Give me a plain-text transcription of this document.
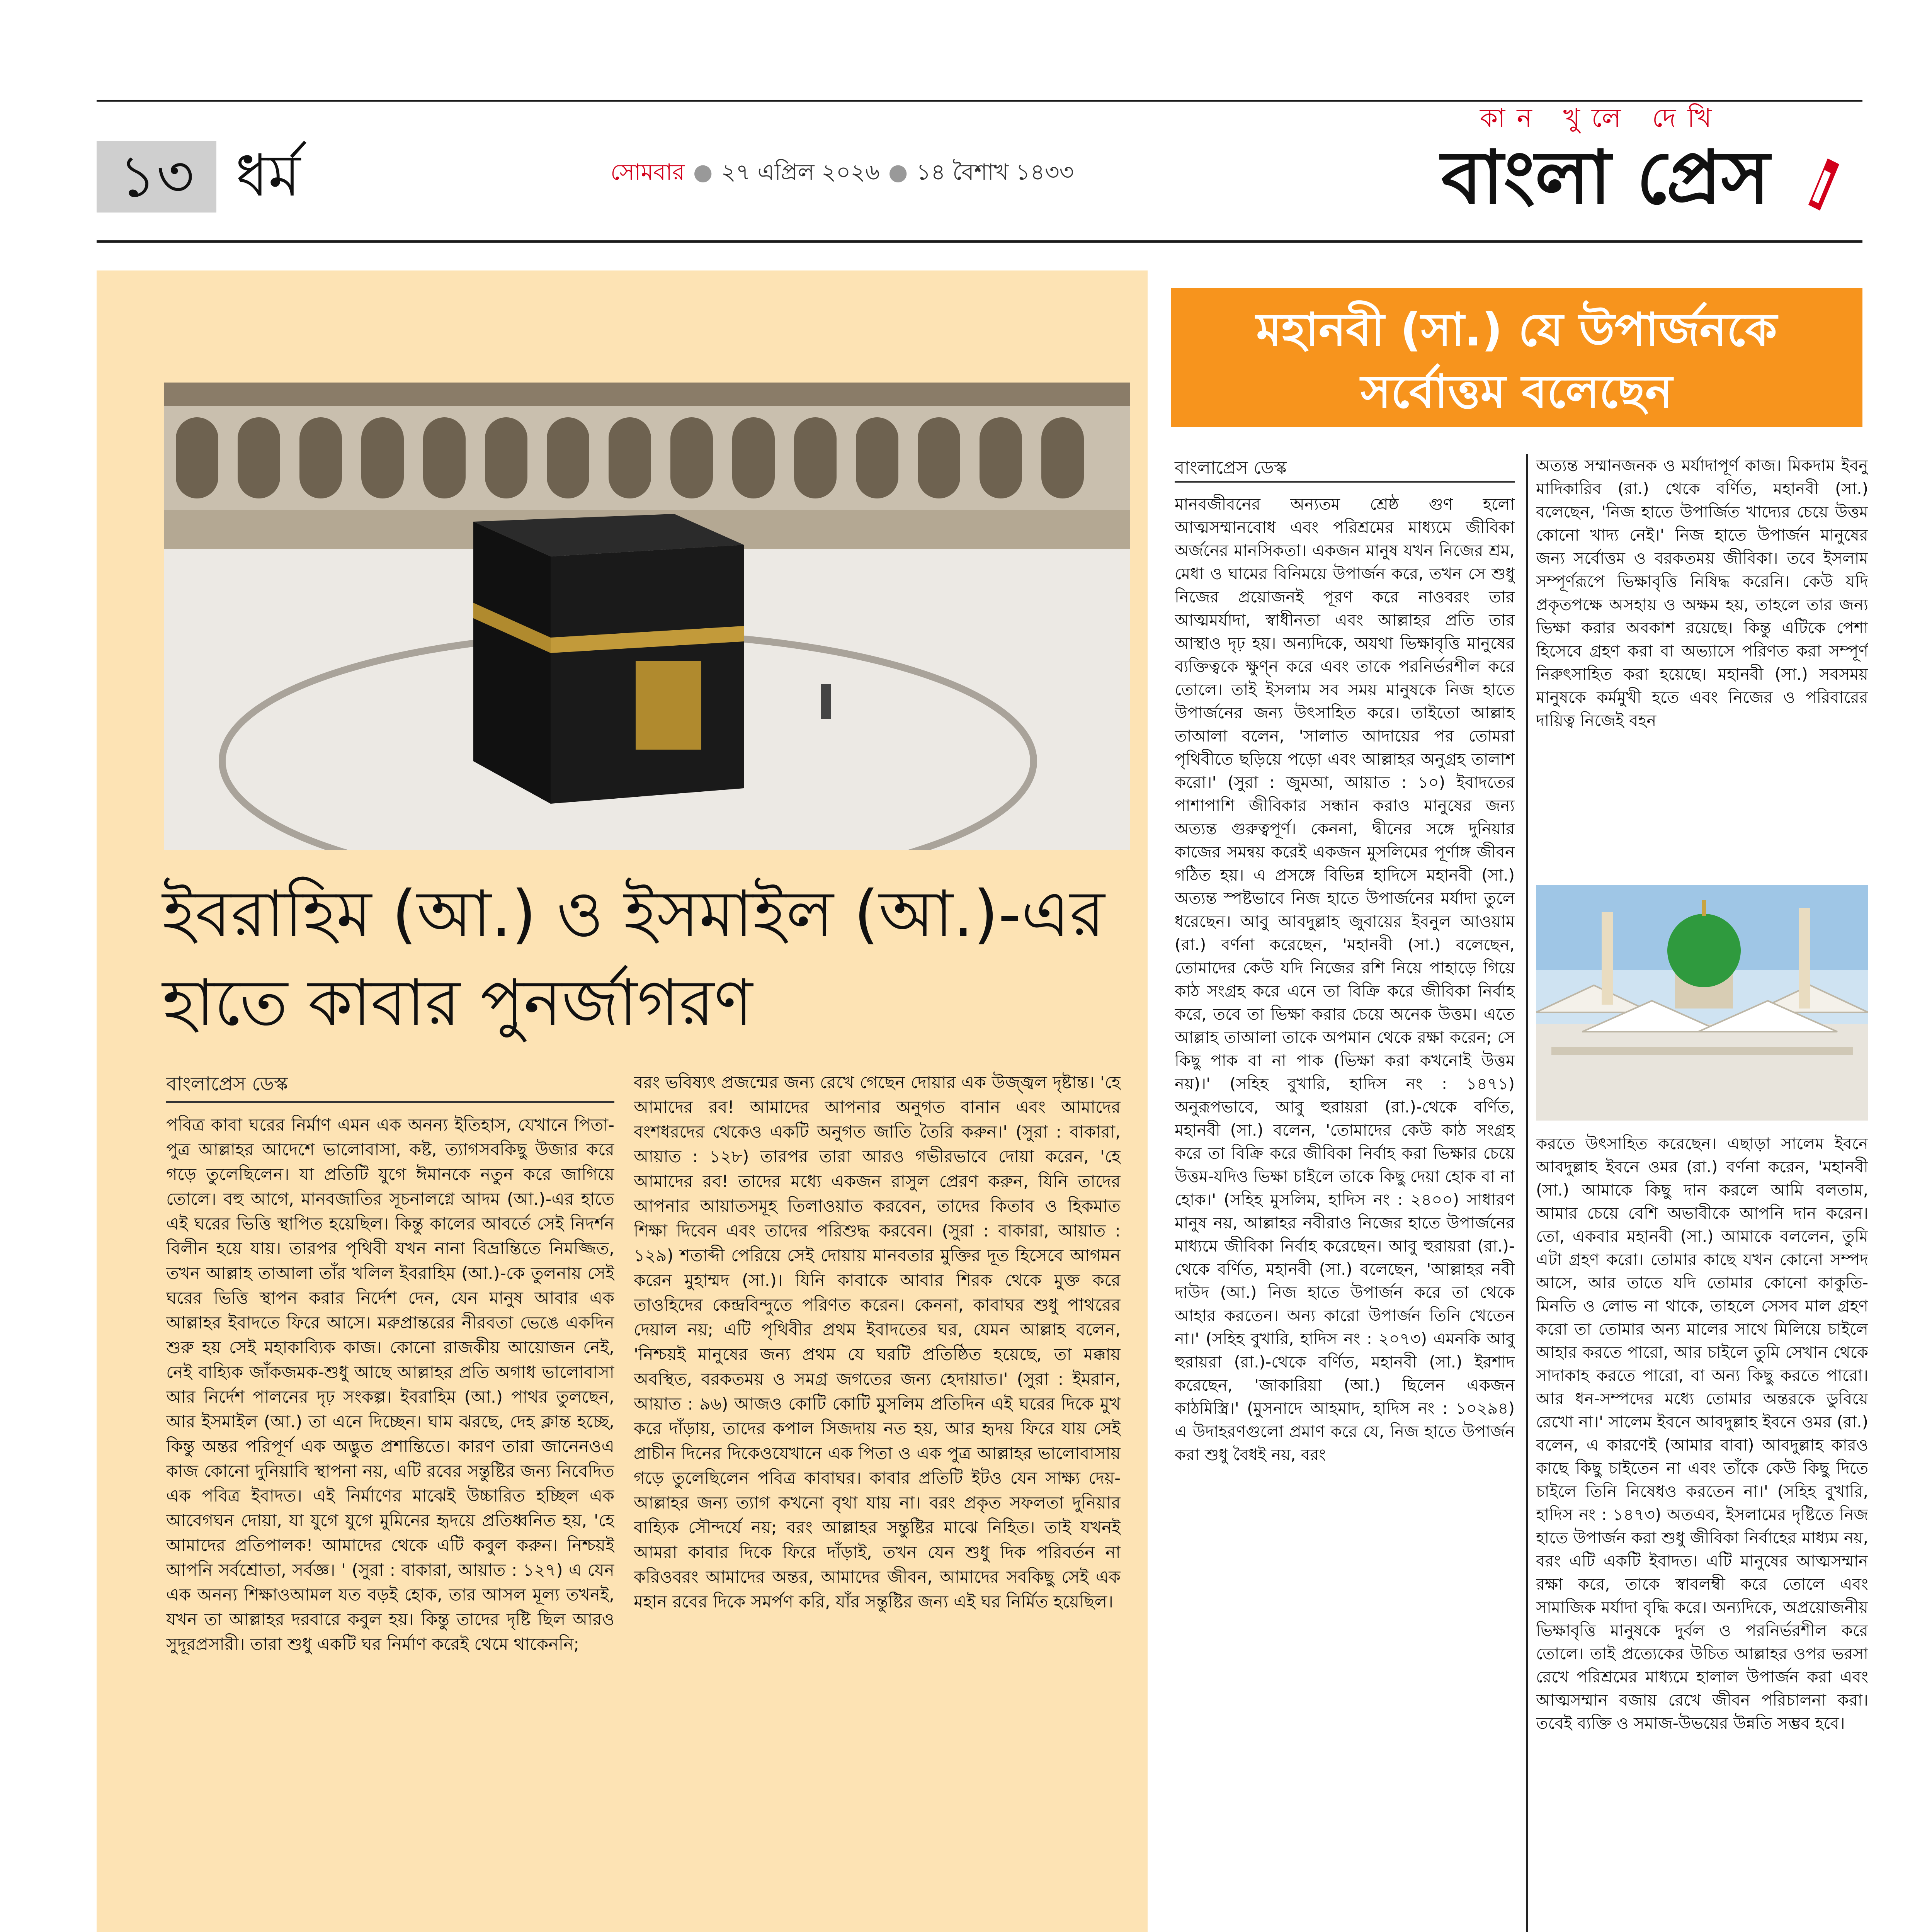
১৩ ধর্ম	সোমবার ● ২৭ এপ্রিল ২০২৬ ● ১৪ বৈশাখ ১৪৩৩
কান খুলে দেখি
বাংলা প্রেস
ইবরাহিম (আ.) ও ইসমাইল (আ.)-এর হাতে কাবার পুনর্জাগরণ
বাংলাপ্রেস ডেস্ক
পবিত্র কাবা ঘরের নির্মাণ এমন এক অনন্য ইতিহাস, যেখানে পিতা-পুত্র আল্লাহর আদেশে ভালোবাসা, কষ্ট, ত্যাগসবকিছু উজার করে গড়ে তুলেছিলেন। যা প্রতিটি যুগে ঈমানকে নতুন করে জাগিয়ে তোলে। বহু আগে, মানবজাতির সূচনালগ্নে আদম (আ.)-এর হাতে এই ঘরের ভিত্তি স্থাপিত হয়েছিল। কিন্তু কালের আবর্তে সেই নিদর্শন বিলীন হয়ে যায়। তারপর পৃথিবী যখন নানা বিভ্রান্তিতে নিমজ্জিত, তখন আল্লাহ তাআলা তাঁর খলিল ইবরাহিম (আ.)-কে তুলনায় সেই ঘরের ভিত্তি স্থাপন করার নির্দেশ দেন, যেন মানুষ আবার এক আল্লাহর ইবাদতে ফিরে আসে। মরুপ্রান্তরের নীরবতা ভেঙে একদিন শুরু হয় সেই মহাকাব্যিক কাজ। কোনো রাজকীয় আয়োজন নেই, নেই বাহ্যিক জাঁকজমক-শুধু আছে আল্লাহর প্রতি অগাধ ভালোবাসা আর নির্দেশ পালনের দৃঢ় সংকল্প। ইবরাহিম (আ.) পাথর তুলছেন, আর ইসমাইল (আ.) তা এনে দিচ্ছেন। ঘাম ঝরছে, দেহ ক্লান্ত হচ্ছে, কিন্তু অন্তর পরিপূর্ণ এক অদ্ভুত প্রশান্তিতে। কারণ তারা জানেনওএ কাজ কোনো দুনিয়াবি স্থাপনা নয়, এটি রবের সন্তুষ্টির জন্য নিবেদিত এক পবিত্র ইবাদত। এই নির্মাণের মাঝেই উচ্চারিত হচ্ছিল এক আবেগঘন দোয়া, যা যুগে যুগে মুমিনের হৃদয়ে প্রতিধ্বনিত হয়, 'হে আমাদের প্রতিপালক! আমাদের থেকে এটি কবুল করুন। নিশ্চয়ই আপনি সর্বশ্রোতা, সর্বজ্ঞ। ' (সুরা : বাকারা, আয়াত : ১২৭) এ যেন এক অনন্য শিক্ষাওআমল যত বড়ই হোক, তার আসল মূল্য তখনই, যখন তা আল্লাহর দরবারে কবুল হয়। কিন্তু তাদের দৃষ্টি ছিল আরও সুদূরপ্রসারী। তারা শুধু একটি ঘর নির্মাণ করেই থেমে থাকেননি;
বরং ভবিষ্যৎ প্রজন্মের জন্য রেখে গেছেন দোয়ার এক উজ্জ্বল দৃষ্টান্ত। 'হে আমাদের রব! আমাদের আপনার অনুগত বানান এবং আমাদের বংশধরদের থেকেও একটি অনুগত জাতি তৈরি করুন।' (সুরা : বাকারা, আয়াত : ১২৮) তারপর তারা আরও গভীরভাবে দোয়া করেন, 'হে আমাদের রব! তাদের মধ্যে একজন রাসুল প্রেরণ করুন, যিনি তাদের আপনার আয়াতসমূহ তিলাওয়াত করবেন, তাদের কিতাব ও হিকমাত শিক্ষা দিবেন এবং তাদের পরিশুদ্ধ করবেন। (সুরা : বাকারা, আয়াত : ১২৯) শতাব্দী পেরিয়ে সেই দোয়ায় মানবতার মুক্তির দূত হিসেবে আগমন করেন মুহাম্মদ (সা.)। যিনি কাবাকে আবার শিরক থেকে মুক্ত করে তাওহিদের কেন্দ্রবিন্দুতে পরিণত করেন। কেননা, কাবাঘর শুধু পাথরের দেয়াল নয়; এটি পৃথিবীর প্রথম ইবাদতের ঘর, যেমন আল্লাহ বলেন, 'নিশ্চয়ই মানুষের জন্য প্রথম যে ঘরটি প্রতিষ্ঠিত হয়েছে, তা মক্কায় অবস্থিত, বরকতময় ও সমগ্র জগতের জন্য হেদায়াত।' (সুরা : ইমরান, আয়াত : ৯৬) আজও কোটি কোটি মুসলিম প্রতিদিন এই ঘরের দিকে মুখ করে দাঁড়ায়, তাদের কপাল সিজদায় নত হয়, আর হৃদয় ফিরে যায় সেই প্রাচীন দিনের দিকেওযেখানে এক পিতা ও এক পুত্র আল্লাহর ভালোবাসায় গড়ে তুলেছিলেন পবিত্র কাবাঘর। কাবার প্রতিটি ইটও যেন সাক্ষ্য দেয়-আল্লাহর জন্য ত্যাগ কখনো বৃথা যায় না। বরং প্রকৃত সফলতা দুনিয়ার বাহ্যিক সৌন্দর্যে নয়; বরং আল্লাহর সন্তুষ্টির মাঝে নিহিত। তাই যখনই আমরা কাবার দিকে ফিরে দাঁড়াই, তখন যেন শুধু দিক পরিবর্তন না করিওবরং আমাদের অন্তর, আমাদের জীবন, আমাদের সবকিছু সেই এক মহান রবের দিকে সমর্পণ করি, যাঁর সন্তুষ্টির জন্য এই ঘর নির্মিত হয়েছিল।
মহানবী (সা.) যে উপার্জনকে
সর্বোত্তম বলেছেন
বাংলাপ্রেস ডেস্ক
মানবজীবনের অন্যতম শ্রেষ্ঠ গুণ হলো আত্মসম্মানবোধ এবং পরিশ্রমের মাধ্যমে জীবিকা অর্জনের মানসিকতা। একজন মানুষ যখন নিজের শ্রম, মেধা ও ঘামের বিনিময়ে উপার্জন করে, তখন সে শুধু নিজের প্রয়োজনই পূরণ করে নাওবরং তার আত্মমর্যাদা, স্বাধীনতা এবং আল্লাহর প্রতি তার আস্থাও দৃঢ় হয়। অন্যদিকে, অযথা ভিক্ষাবৃত্তি মানুষের ব্যক্তিত্বকে ক্ষুণ্ন করে এবং তাকে পরনির্ভরশীল করে তোলে। তাই ইসলাম সব সময় মানুষকে নিজ হাতে উপার্জনের জন্য উৎসাহিত করে। তাইতো আল্লাহ তাআলা বলেন, 'সালাত আদায়ের পর তোমরা পৃথিবীতে ছড়িয়ে পড়ো এবং আল্লাহর অনুগ্রহ তালাশ করো।' (সুরা : জুমআ, আয়াত : ১০) ইবাদতের পাশাপাশি জীবিকার সন্ধান করাও মানুষের জন্য অত্যন্ত গুরুত্বপূর্ণ। কেননা, দ্বীনের সঙ্গে দুনিয়ার কাজের সমন্বয় করেই একজন মুসলিমের পূর্ণাঙ্গ জীবন গঠিত হয়। এ প্রসঙ্গে বিভিন্ন হাদিসে মহানবী (সা.) অত্যন্ত স্পষ্টভাবে নিজ হাতে উপার্জনের মর্যাদা তুলে ধরেছেন। আবু আবদুল্লাহ জুবায়ের ইবনুল আওয়াম (রা.) বর্ণনা করেছেন, 'মহানবী (সা.) বলেছেন, তোমাদের কেউ যদি নিজের রশি নিয়ে পাহাড়ে গিয়ে কাঠ সংগ্রহ করে এনে তা বিক্রি করে জীবিকা নির্বাহ করে, তবে তা ভিক্ষা করার চেয়ে অনেক উত্তম। এতে আল্লাহ তাআলা তাকে অপমান থেকে রক্ষা করেন; সে কিছু পাক বা না পাক (ভিক্ষা করা কখনোই উত্তম নয়)।' (সহিহ বুখারি, হাদিস নং : ১৪৭১) অনুরূপভাবে, আবু হুরায়রা (রা.)-থেকে বর্ণিত, মহানবী (সা.) বলেন, 'তোমাদের কেউ কাঠ সংগ্রহ করে তা বিক্রি করে জীবিকা নির্বাহ করা ভিক্ষার চেয়ে উত্তম-যদিও ভিক্ষা চাইলে তাকে কিছু দেয়া হোক বা না হোক।' (সহিহ মুসলিম, হাদিস নং : ২৪০০) সাধারণ মানুষ নয়, আল্লাহর নবীরাও নিজের হাতে উপার্জনের মাধ্যমে জীবিকা নির্বাহ করেছেন। আবু হুরায়রা (রা.)-থেকে বর্ণিত, মহানবী (সা.) বলেছেন, 'আল্লাহর নবী দাউদ (আ.) নিজ হাতে উপার্জন করে তা থেকে আহার করতেন। অন্য কারো উপার্জন তিনি খেতেন না।' (সহিহ বুখারি, হাদিস নং : ২০৭৩) এমনকি আবু হুরায়রা (রা.)-থেকে বর্ণিত, মহানবী (সা.) ইরশাদ করেছেন, 'জাকারিয়া (আ.) ছিলেন একজন কাঠমিস্ত্রি।' (মুসনাদে আহমাদ, হাদিস নং : ১০২৯৪) এ উদাহরণগুলো প্রমাণ করে যে, নিজ হাতে উপার্জন করা শুধু বৈধই নয়, বরং
অত্যন্ত সম্মানজনক ও মর্যাদাপূর্ণ কাজ। মিকদাম ইবনু মাদিকারিব (রা.) থেকে বর্ণিত, মহানবী (সা.) বলেছেন, 'নিজ হাতে উপার্জিত খাদ্যের চেয়ে উত্তম কোনো খাদ্য নেই।' নিজ হাতে উপার্জন মানুষের জন্য সর্বোত্তম ও বরকতময় জীবিকা। তবে ইসলাম সম্পূর্ণরূপে ভিক্ষাবৃত্তি নিষিদ্ধ করেনি। কেউ যদি প্রকৃতপক্ষে অসহায় ও অক্ষম হয়, তাহলে তার জন্য ভিক্ষা করার অবকাশ রয়েছে। কিন্তু এটিকে পেশা হিসেবে গ্রহণ করা বা অভ্যাসে পরিণত করা সম্পূর্ণ নিরুৎসাহিত করা হয়েছে। মহানবী (সা.) সবসময় মানুষকে কর্মমুখী হতে এবং নিজের ও পরিবারের দায়িত্ব নিজেই বহন
করতে উৎসাহিত করেছেন। এছাড়া সালেম ইবনে আবদুল্লাহ ইবনে ওমর (রা.) বর্ণনা করেন, 'মহানবী (সা.) আমাকে কিছু দান করলে আমি বলতাম, আমার চেয়ে বেশি অভাবীকে আপনি দান করেন। তো, একবার মহানবী (সা.) আমাকে বললেন, তুমি এটা গ্রহণ করো। তোমার কাছে যখন কোনো সম্পদ আসে, আর তাতে যদি তোমার কোনো কাকুতি-মিনতি ও লোভ না থাকে, তাহলে সেসব মাল গ্রহণ করো তা তোমার অন্য মালের সাথে মিলিয়ে চাইলে আহার করতে পারো, আর চাইলে তুমি সেখান থেকে সাদাকাহ করতে পারো, বা অন্য কিছু করতে পারো। আর ধন-সম্পদের মধ্যে তোমার অন্তরকে ডুবিয়ে রেখো না।' সালেম ইবনে আবদুল্লাহ ইবনে ওমর (রা.) বলেন, এ কারণেই (আমার বাবা) আবদুল্লাহ কারও কাছে কিছু চাইতেন না এবং তাঁকে কেউ কিছু দিতে চাইলে তিনি নিষেধও করতেন না।' (সহিহ বুখারি, হাদিস নং : ১৪৭৩) অতএব, ইসলামের দৃষ্টিতে নিজ হাতে উপার্জন করা শুধু জীবিকা নির্বাহের মাধ্যম নয়, বরং এটি একটি ইবাদত। এটি মানুষের আত্মসম্মান রক্ষা করে, তাকে স্বাবলম্বী করে তোলে এবং সামাজিক মর্যাদা বৃদ্ধি করে। অন্যদিকে, অপ্রয়োজনীয় ভিক্ষাবৃত্তি মানুষকে দুর্বল ও পরনির্ভরশীল করে তোলে। তাই প্রত্যেকের উচিত আল্লাহর ওপর ভরসা রেখে পরিশ্রমের মাধ্যমে হালাল উপার্জন করা এবং আত্মসম্মান বজায় রেখে জীবন পরিচালনা করা। তবেই ব্যক্তি ও সমাজ-উভয়ের উন্নতি সম্ভব হবে।
